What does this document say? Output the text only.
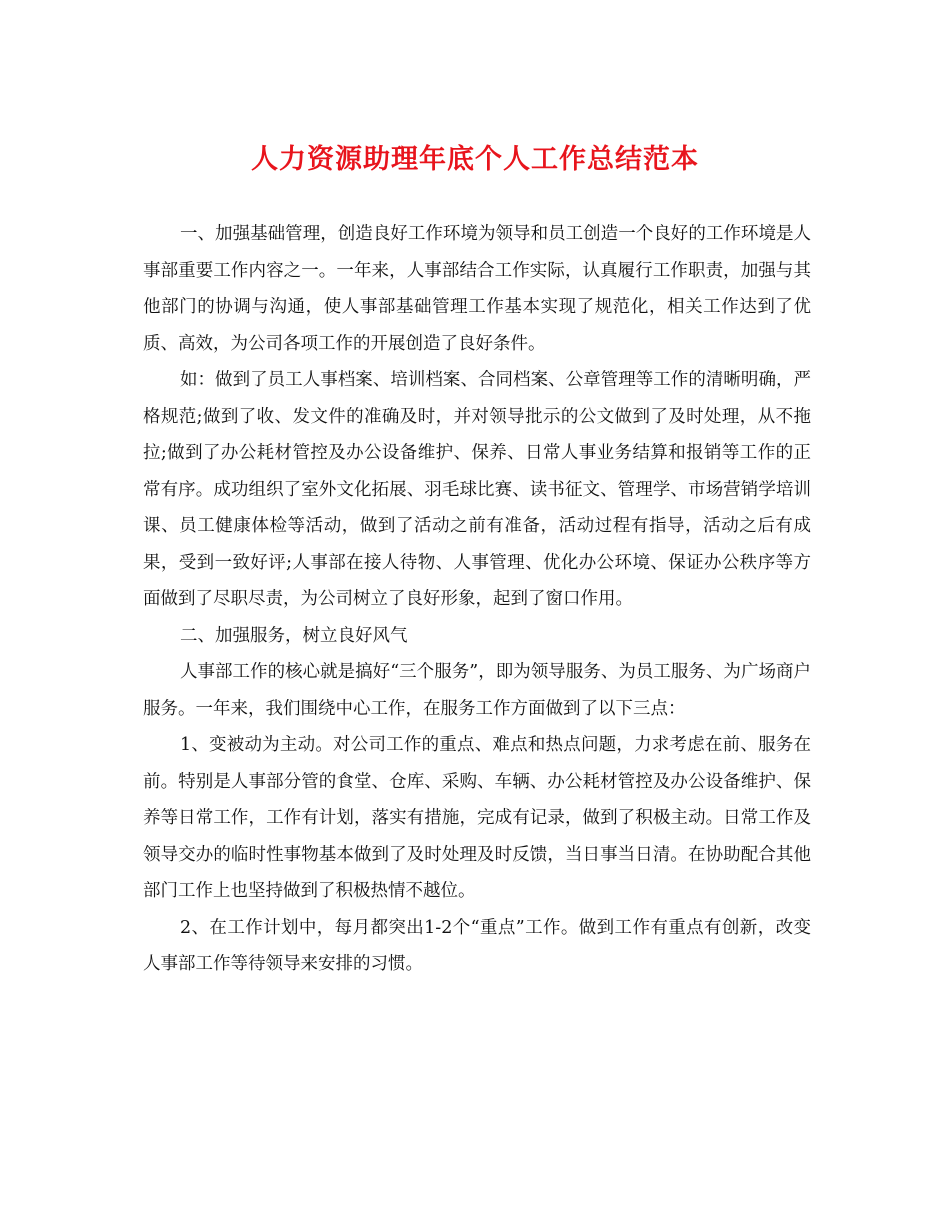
人力资源助理年底个人工作总结范本

一、加强基础管理，创造良好工作环境为领导和员工创造一个良好的工作环境是人事部重要工作内容之一。一年来，人事部结合工作实际，认真履行工作职责，加强与其他部门的协调与沟通，使人事部基础管理工作基本实现了规范化，相关工作达到了优质、高效，为公司各项工作的开展创造了良好条件。

如：做到了员工人事档案、培训档案、合同档案、公章管理等工作的清晰明确，严格规范;做到了收、发文件的准确及时，并对领导批示的公文做到了及时处理，从不拖拉;做到了办公耗材管控及办公设备维护、保养、日常人事业务结算和报销等工作的正常有序。成功组织了室外文化拓展、羽毛球比赛、读书征文、管理学、市场营销学培训课、员工健康体检等活动，做到了活动之前有准备，活动过程有指导，活动之后有成果，受到一致好评;人事部在接人待物、人事管理、优化办公环境、保证办公秩序等方面做到了尽职尽责，为公司树立了良好形象，起到了窗口作用。

二、加强服务，树立良好风气

人事部工作的核心就是搞好“三个服务”，即为领导服务、为员工服务、为广场商户服务。一年来，我们围绕中心工作，在服务工作方面做到了以下三点：

1、变被动为主动。对公司工作的重点、难点和热点问题，力求考虑在前、服务在前。特别是人事部分管的食堂、仓库、采购、车辆、办公耗材管控及办公设备维护、保养等日常工作，工作有计划，落实有措施，完成有记录，做到了积极主动。日常工作及领导交办的临时性事物基本做到了及时处理及时反馈，当日事当日清。在协助配合其他部门工作上也坚持做到了积极热情不越位。

2、在工作计划中，每月都突出1-2个“重点”工作。做到工作有重点有创新，改变人事部工作等待领导来安排的习惯。
